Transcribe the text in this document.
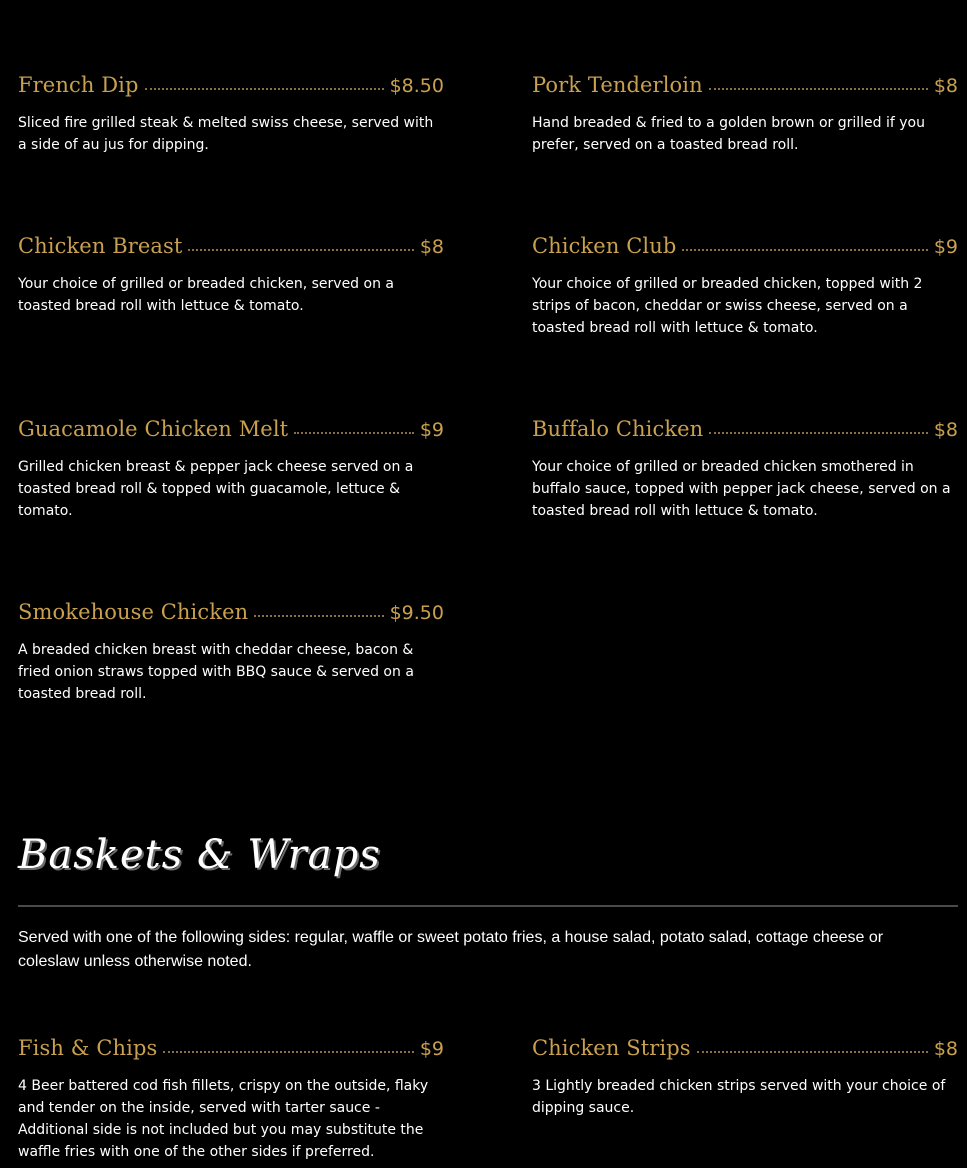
French Dip	$8.50
Sliced fire grilled steak & melted swiss cheese, served with a side of au jus for dipping.
Pork Tenderloin	$8
Hand breaded & fried to a golden brown or grilled if you prefer, served on a toasted bread roll.
Chicken Breast	$8
Your choice of grilled or breaded chicken, served on a toasted bread roll with lettuce & tomato.
Chicken Club	$9
Your choice of grilled or breaded chicken, topped with 2 strips of bacon, cheddar or swiss cheese, served on a toasted bread roll with lettuce & tomato.
Guacamole Chicken Melt	$9
Grilled chicken breast & pepper jack cheese served on a toasted bread roll & topped with guacamole, lettuce & tomato.
Buffalo Chicken	$8
Your choice of grilled or breaded chicken smothered in buffalo sauce, topped with pepper jack cheese, served on a toasted bread roll with lettuce & tomato.
Smokehouse Chicken	$9.50
A breaded chicken breast with cheddar cheese, bacon & fried onion straws topped with BBQ sauce & served on a toasted bread roll.
Baskets & Wraps
Served with one of the following sides: regular, waffle or sweet potato fries, a house salad, potato salad, cottage cheese or coleslaw unless otherwise noted.
Fish & Chips	$9
4 Beer battered cod fish fillets, crispy on the outside, flaky and tender on the inside, served with tarter sauce - Additional side is not included but you may substitute the waffle fries with one of the other sides if preferred.
Chicken Strips	$8
3 Lightly breaded chicken strips served with your choice of dipping sauce.
